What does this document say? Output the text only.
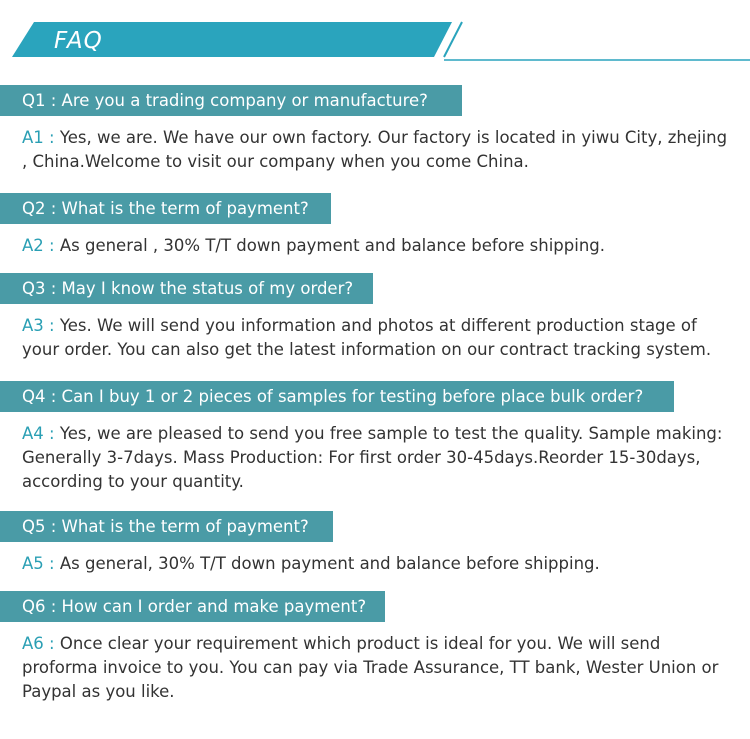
FAQ
Q1 : Are you a trading company or manufacture?
A1 : Yes, we are. We have our own factory. Our factory is located in yiwu City, zhejing , China.Welcome to visit our company when you come China.
Q2 : What is the term of payment?
A2 : As general , 30% T/T down payment and balance before shipping.
Q3 : May I know the status of my order?
A3 : Yes. We will send you information and photos at different production stage of your order. You can also get the latest information on our contract tracking system.
Q4 : Can I buy 1 or 2 pieces of samples for testing before place bulk order?
A4 : Yes, we are pleased to send you free sample to test the quality. Sample making: Generally 3-7days. Mass Production: For first order 30-45days.Reorder 15-30days, according to your quantity.
Q5 : What is the term of payment?
A5 : As general, 30% T/T down payment and balance before shipping.
Q6 : How can I order and make payment?
A6 : Once clear your requirement which product is ideal for you. We will send proforma invoice to you. You can pay via Trade Assurance, TT bank, Wester Union or Paypal as you like.
